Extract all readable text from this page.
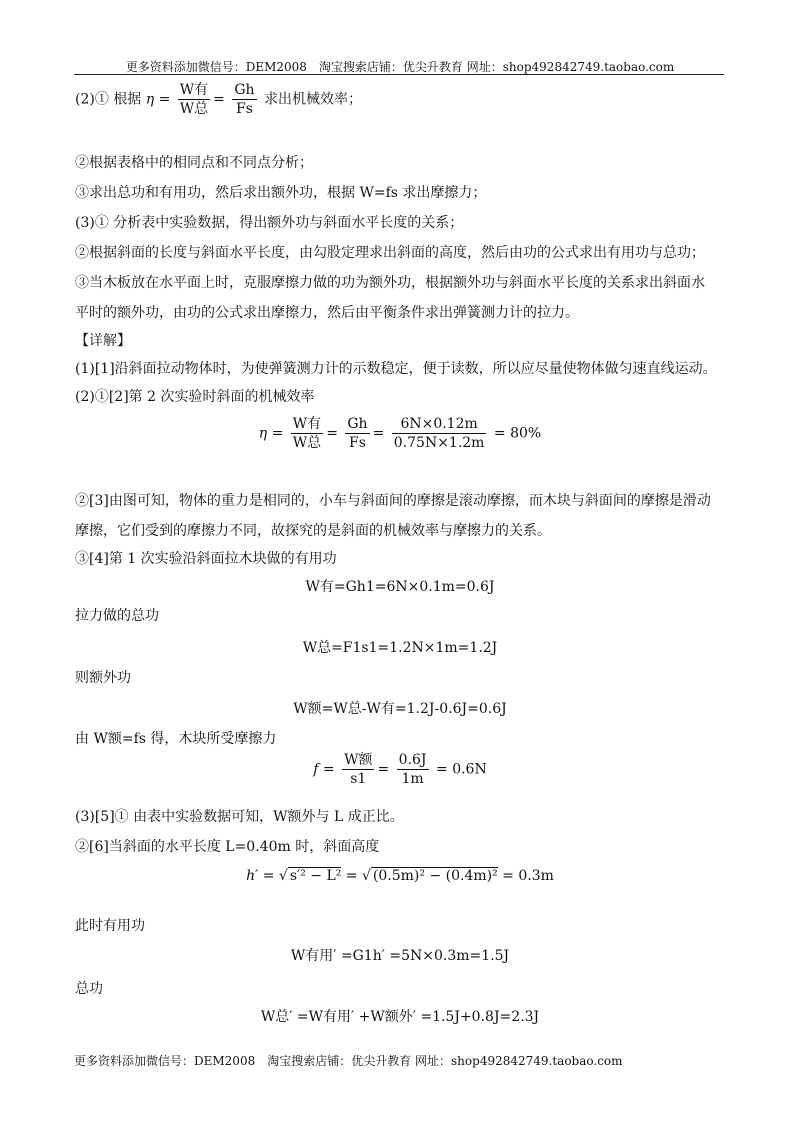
更多资料添加微信号：DEM2008　淘宝搜索店铺：优尖升教育 网址：shop492842749.taobao.com
(2)① 根据 $\eta = \frac{\text{W有}}{\text{W总}} = \frac{Gh}{Fs}$ 求出机械效率；
②根据表格中的相同点和不同点分析；
③求出总功和有用功，然后求出额外功，根据 W=fs 求出摩擦力；
(3)① 分析表中实验数据，得出额外功与斜面水平长度的关系；
②根据斜面的长度与斜面水平长度，由勾股定理求出斜面的高度，然后由功的公式求出有用功与总功；
③当木板放在水平面上时，克服摩擦力做的功为额外功，根据额外功与斜面水平长度的关系求出斜面水
平时的额外功，由功的公式求出摩擦力，然后由平衡条件求出弹簧测力计的拉力。
【详解】
(1)[1]沿斜面拉动物体时，为使弹簧测力计的示数稳定，便于读数，所以应尽量使物体做匀速直线运动。
(2)①[2]第 2 次实验时斜面的机械效率
$\eta = \frac{\text{W有}}{\text{W总}} = \frac{Gh}{Fs} = \frac{6N\times 0.12m}{0.75N\times 1.2m} = 80\%$
②[3]由图可知，物体的重力是相同的，小车与斜面间的摩擦是滚动摩擦，而木块与斜面间的摩擦是滑动
摩擦，它们受到的摩擦力不同，故探究的是斜面的机械效率与摩擦力的关系。
③[4]第 1 次实验沿斜面拉木块做的有用功
W有=Gh1=6N×0.1m=0.6J
拉力做的总功
W总=F1s1=1.2N×1m=1.2J
则额外功
W额=W总-W有=1.2J-0.6J=0.6J
由 W额=fs 得，木块所受摩擦力
$f = \frac{\text{W额}}{s1} = \frac{0.6J}{1m} = 0.6N$
(3)[5]① 由表中实验数据可知，W额外与 L 成正比。
②[6]当斜面的水平长度 L=0.40m 时，斜面高度
h′ = √ s′² − L² = √ (0.5m)² − (0.4m)² = 0.3m
此时有用功
W有用′ =G1h′ =5N×0.3m=1.5J
总功
W总′ =W有用′ +W额外′ =1.5J+0.8J=2.3J
更多资料添加微信号：DEM2008　淘宝搜索店铺：优尖升教育 网址：shop492842749.taobao.com
